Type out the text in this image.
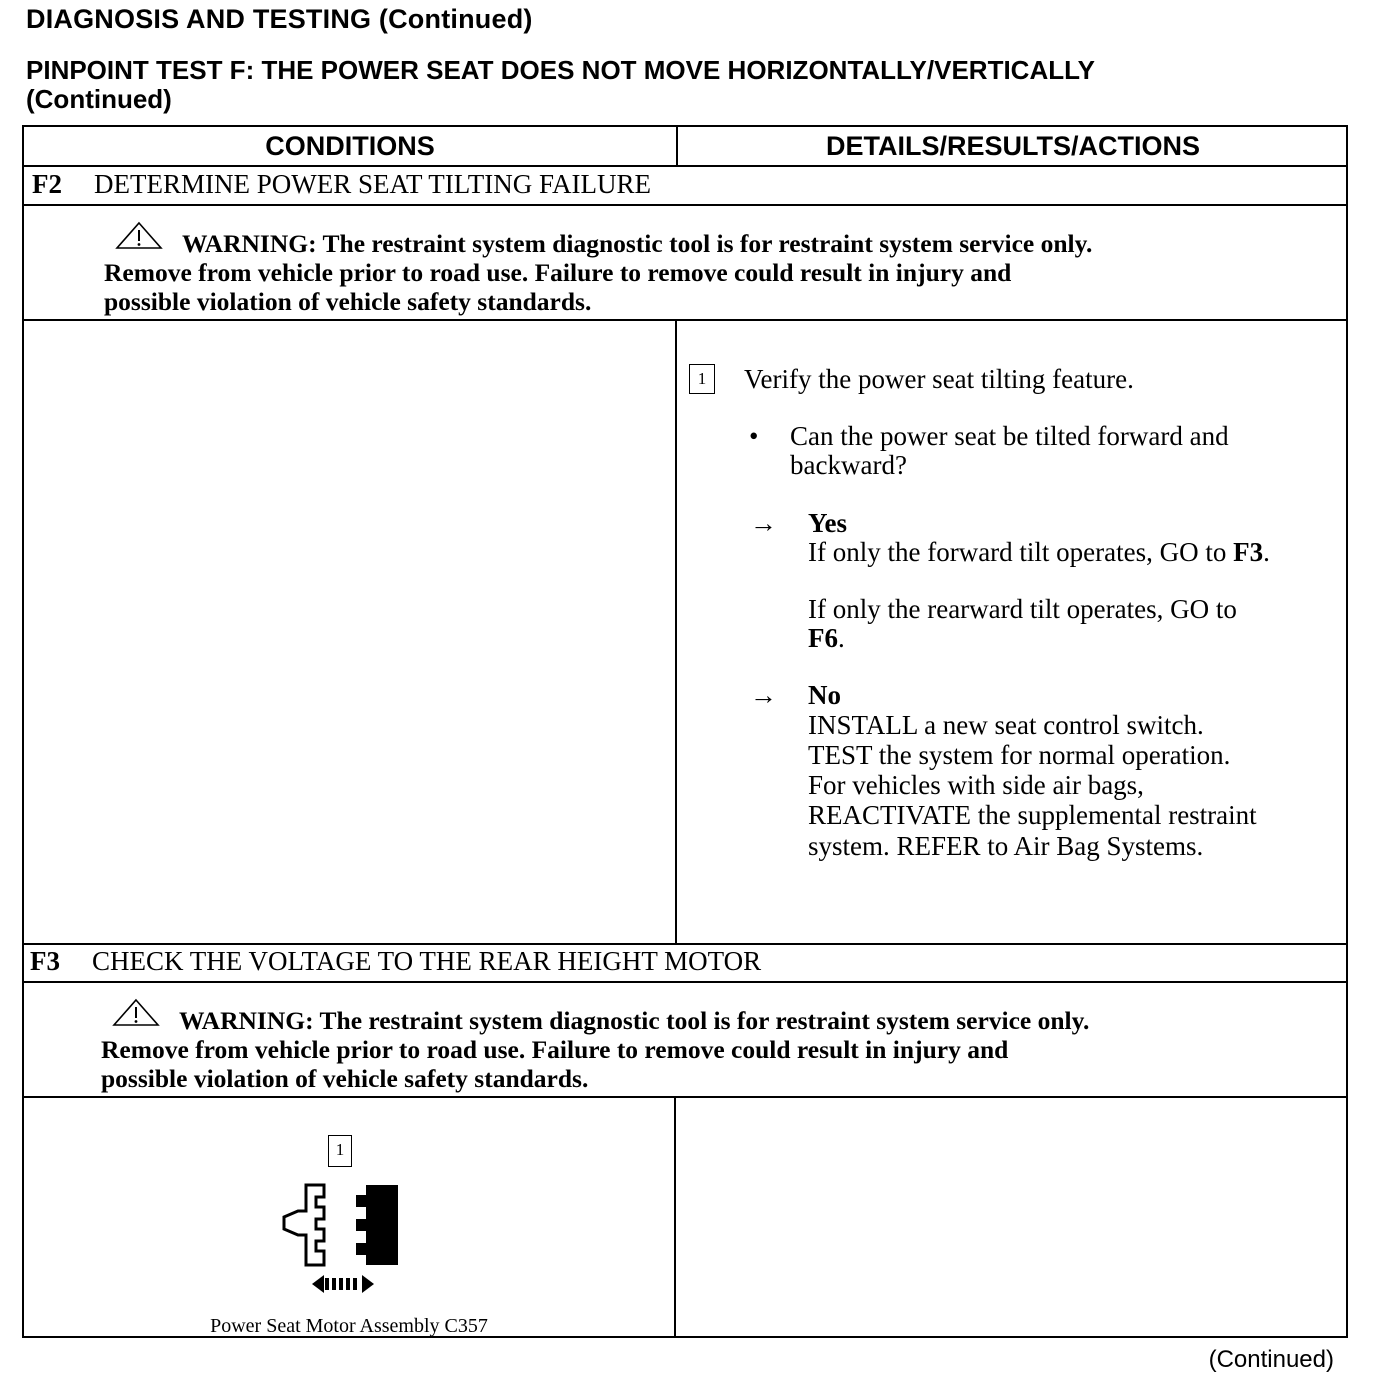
DIAGNOSIS AND TESTING (Continued)
PINPOINT TEST F: THE POWER SEAT DOES NOT MOVE HORIZONTALLY/VERTICALLY
(Continued)
CONDITIONS	DETAILS/RESULTS/ACTIONS
F2 DETERMINE POWER SEAT TILTING FAILURE
WARNING: The restraint system diagnostic tool is for restraint system service only.
Remove from vehicle prior to road use. Failure to remove could result in injury and
possible violation of vehicle safety standards.
1	Verify the power seat tilting feature.
• Can the power seat be tilted forward and
backward?
→ Yes
If only the forward tilt operates, GO to F3.
If only the rearward tilt operates, GO to
F6.
→ No
INSTALL a new seat control switch.
TEST the system for normal operation.
For vehicles with side air bags,
REACTIVATE the supplemental restraint
system. REFER to Air Bag Systems.
F3 CHECK THE VOLTAGE TO THE REAR HEIGHT MOTOR
WARNING: The restraint system diagnostic tool is for restraint system service only.
Remove from vehicle prior to road use. Failure to remove could result in injury and
possible violation of vehicle safety standards.
1
Power Seat Motor Assembly C357
(Continued)
